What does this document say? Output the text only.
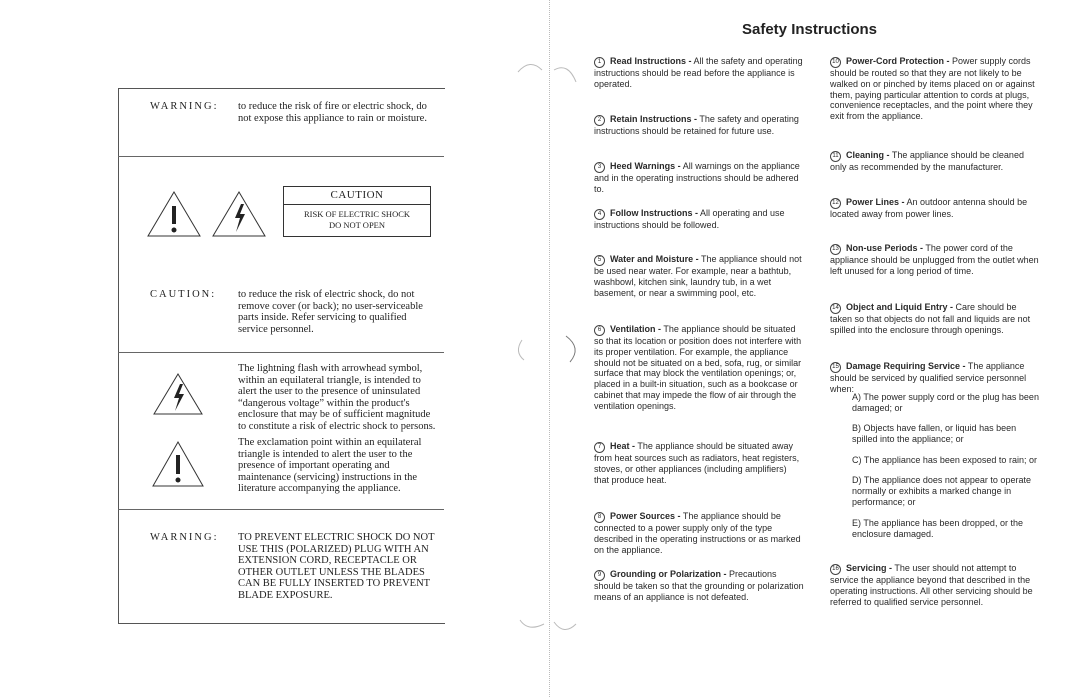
WARNING: to reduce the risk of fire or electric shock, do not expose this appliance to rain or moisture.
CAUTION
RISK OF ELECTRIC SHOCK
DO NOT OPEN
CAUTION: to reduce the risk of electric shock, do not remove cover (or back); no user-serviceable parts inside. Refer servicing to qualified service personnel.
The lightning flash with arrowhead symbol, within an equilateral triangle, is intended to alert the user to the presence of uninsulated “dangerous voltage” within the product's enclosure that may be of sufficient magnitude to constitute a risk of electric shock to persons.
The exclamation point within an equilateral triangle is intended to alert the user to the presence of important operating and maintenance (servicing) instructions in the literature accompanying the appliance.
WARNING: TO PREVENT ELECTRIC SHOCK DO NOT USE THIS (POLARIZED) PLUG WITH AN EXTENSION CORD, RECEPTACLE OR OTHER OUTLET UNLESS THE BLADES CAN BE FULLY INSERTED TO PREVENT BLADE EXPOSURE.
Safety Instructions
1 Read Instructions - All the safety and operating instructions should be read before the appliance is operated.
2 Retain Instructions - The safety and operating instructions should be retained for future use.
3 Heed Warnings - All warnings on the appliance and in the operating instructions should be adhered to.
4 Follow Instructions - All operating and use instructions should be followed.
5 Water and Moisture - The appliance should not be used near water. For example, near a bathtub, washbowl, kitchen sink, laundry tub, in a wet basement, or near a swimming pool, etc.
6 Ventilation - The appliance should be situated so that its location or position does not interfere with its proper ventilation. For example, the appliance should not be situated on a bed, sofa, rug, or similar surface that may block the ventilation openings; or, placed in a built-in situation, such as a bookcase or cabinet that may impede the flow of air through the ventilation openings.
7 Heat - The appliance should be situated away from heat sources such as radiators, heat registers, stoves, or other appliances (including amplifiers) that produce heat.
8 Power Sources - The appliance should be connected to a power supply only of the type described in the operating instructions or as marked on the appliance.
9 Grounding or Polarization - Precautions should be taken so that the grounding or polarization means of an appliance is not defeated.
10 Power-Cord Protection - Power supply cords should be routed so that they are not likely to be walked on or pinched by items placed on or against them, paying particular attention to cords at plugs, convenience receptacles, and the point where they exit from the appliance.
11 Cleaning - The appliance should be cleaned only as recommended by the manufacturer.
12 Power Lines - An outdoor antenna should be located away from power lines.
13 Non-use Periods - The power cord of the appliance should be unplugged from the outlet when left unused for a long period of time.
14 Object and Liquid Entry - Care should be taken so that objects do not fall and liquids are not spilled into the enclosure through openings.
15 Damage Requiring Service - The appliance should be serviced by qualified service personnel when:
A) The power supply cord or the plug has been damaged; or
B) Objects have fallen, or liquid has been spilled into the appliance; or
C) The appliance has been exposed to rain; or
D) The appliance does not appear to operate normally or exhibits a marked change in performance; or
E) The appliance has been dropped, or the enclosure damaged.
16 Servicing - The user should not attempt to service the appliance beyond that described in the operating instructions. All other servicing should be referred to qualified service personnel.
